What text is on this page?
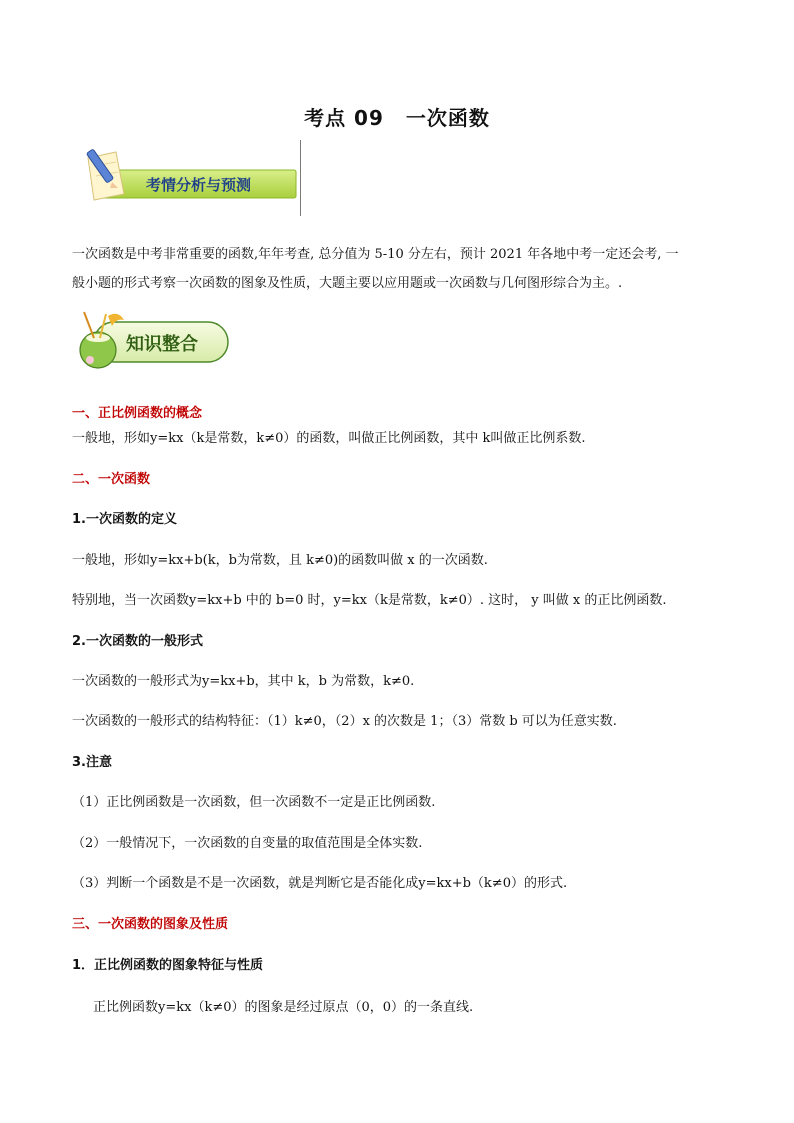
考点 09 一次函数
考情分析与预测
一次函数是中考非常重要的函数,年年考查, 总分值为 5-10 分左右，预计 2021 年各地中考一定还会考, 一
般小题的形式考察一次函数的图象及性质，大题主要以应用题或一次函数与几何图形综合为主。.
知识整合
一、正比例函数的概念
一般地，形如y=kx（k是常数，k≠0）的函数，叫做正比例函数，其中 k叫做正比例系数.
二、一次函数
1.一次函数的定义
一般地，形如y=kx+b(k，b为常数，且 k≠0)的函数叫做 x 的一次函数.
特别地，当一次函数y=kx+b 中的 b=0 时，y=kx（k是常数，k≠0）. 这时， y 叫做 x 的正比例函数.
2.一次函数的一般形式
一次函数的一般形式为y=kx+b，其中 k，b 为常数，k≠0.
一次函数的一般形式的结构特征：（1）k≠0，（2）x 的次数是 1；（3）常数 b 可以为任意实数.
3.注意
（1）正比例函数是一次函数，但一次函数不一定是正比例函数.
（2）一般情况下，一次函数的自变量的取值范围是全体实数.
（3）判断一个函数是不是一次函数，就是判断它是否能化成y=kx+b（k≠0）的形式.
三、一次函数的图象及性质
1．正比例函数的图象特征与性质
正比例函数y=kx（k≠0）的图象是经过原点（0，0）的一条直线.
